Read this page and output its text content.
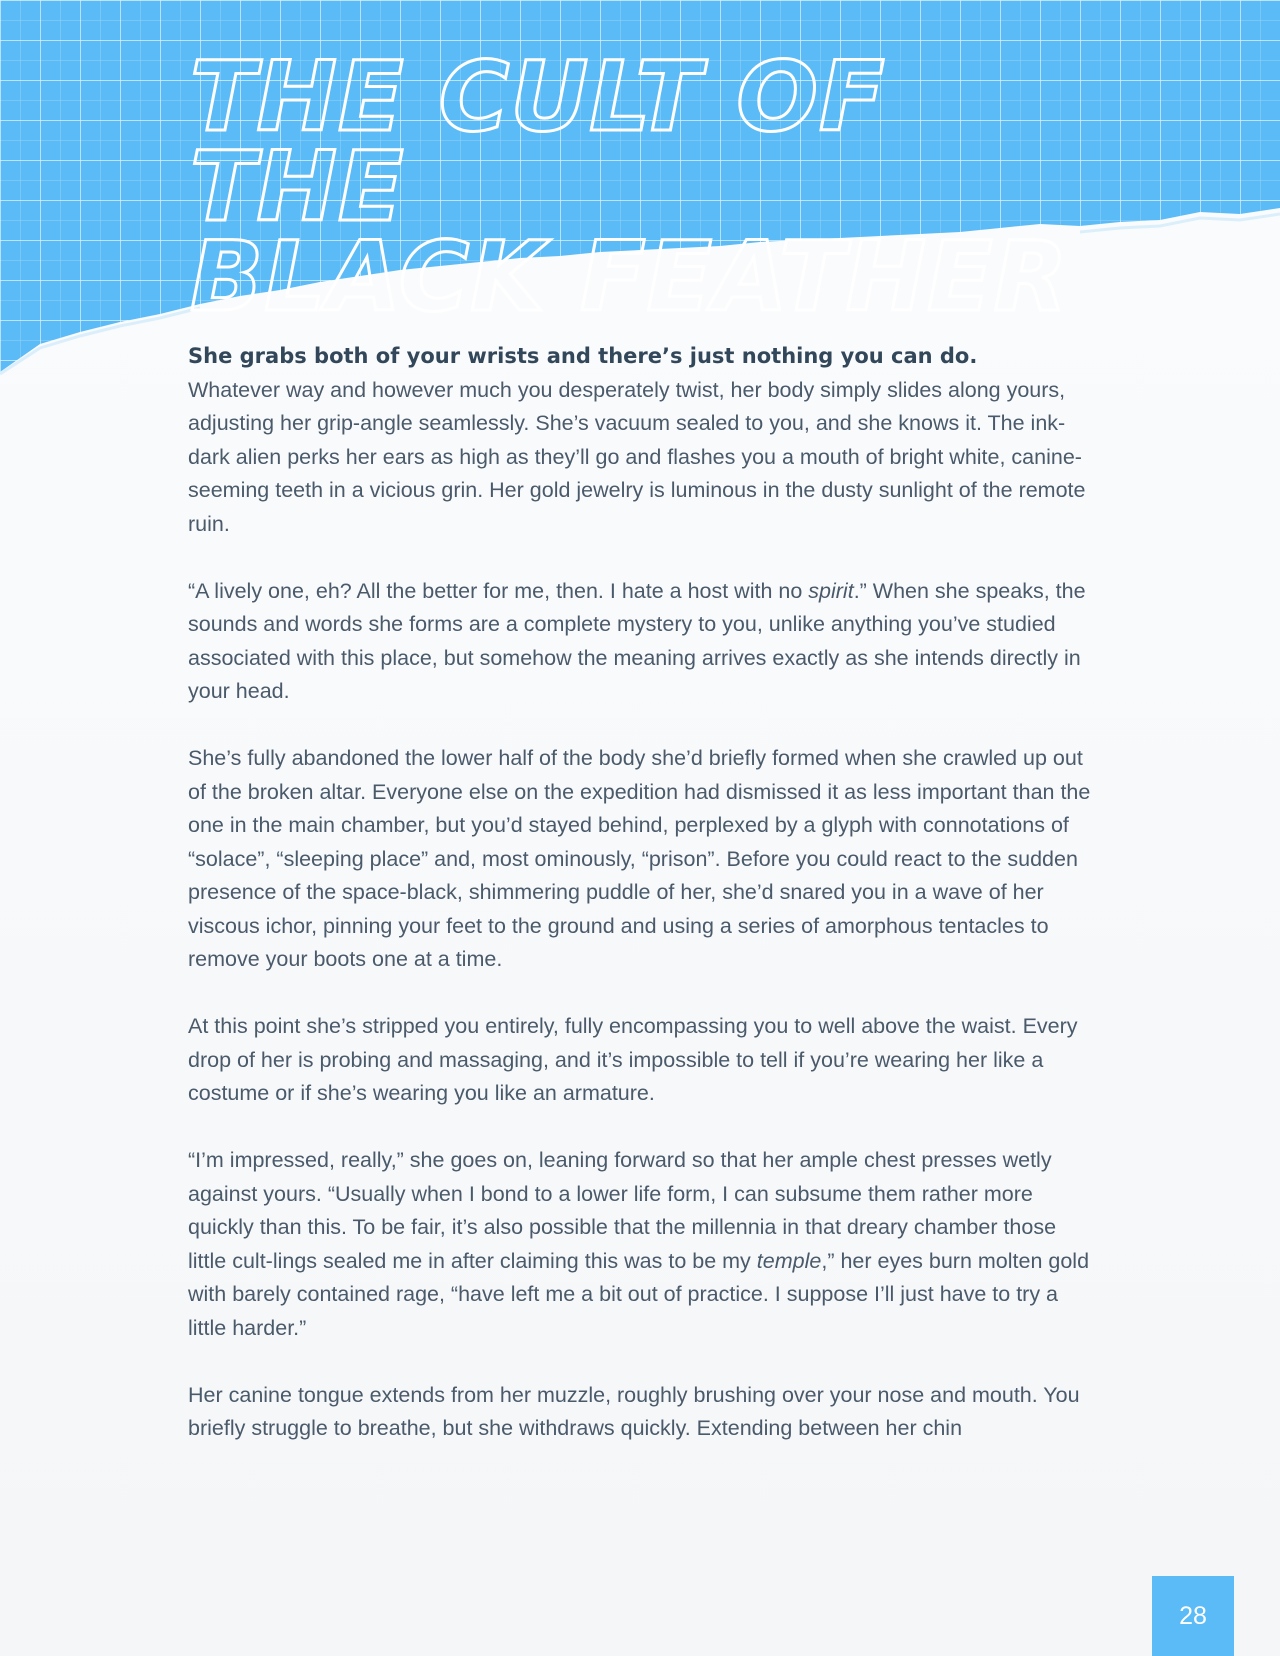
THE CULT OF THE
BLACK FEATHER

She grabs both of your wrists and there’s just nothing you can do.
Whatever way and however much you desperately twist, her body simply slides along yours, adjusting her grip-angle seamlessly. She’s vacuum sealed to you, and she knows it. The ink-dark alien perks her ears as high as they’ll go and flashes you a mouth of bright white, canine-seeming teeth in a vicious grin. Her gold jewelry is luminous in the dusty sunlight of the remote ruin.

“A lively one, eh? All the better for me, then. I hate a host with no spirit.” When she speaks, the sounds and words she forms are a complete mystery to you, unlike anything you’ve studied associated with this place, but somehow the meaning arrives exactly as she intends directly in your head.

She’s fully abandoned the lower half of the body she’d briefly formed when she crawled up out of the broken altar. Everyone else on the expedition had dismissed it as less important than the one in the main chamber, but you’d stayed behind, perplexed by a glyph with connotations of “solace”, “sleeping place” and, most ominously, “prison”. Before you could react to the sudden presence of the space-black, shimmering puddle of her, she’d snared you in a wave of her viscous ichor, pinning your feet to the ground and using a series of amorphous tentacles to remove your boots one at a time.

At this point she’s stripped you entirely, fully encompassing you to well above the waist. Every drop of her is probing and massaging, and it’s impossible to tell if you’re wearing her like a costume or if she’s wearing you like an armature.

“I’m impressed, really,” she goes on, leaning forward so that her ample chest presses wetly against yours. “Usually when I bond to a lower life form, I can subsume them rather more quickly than this. To be fair, it’s also possible that the millennia in that dreary chamber those little cult-lings sealed me in after claiming this was to be my temple,” her eyes burn molten gold with barely contained rage, “have left me a bit out of practice. I suppose I’ll just have to try a little harder.”

Her canine tongue extends from her muzzle, roughly brushing over your nose and mouth. You briefly struggle to breathe, but she withdraws quickly. Extending between her chin

28
